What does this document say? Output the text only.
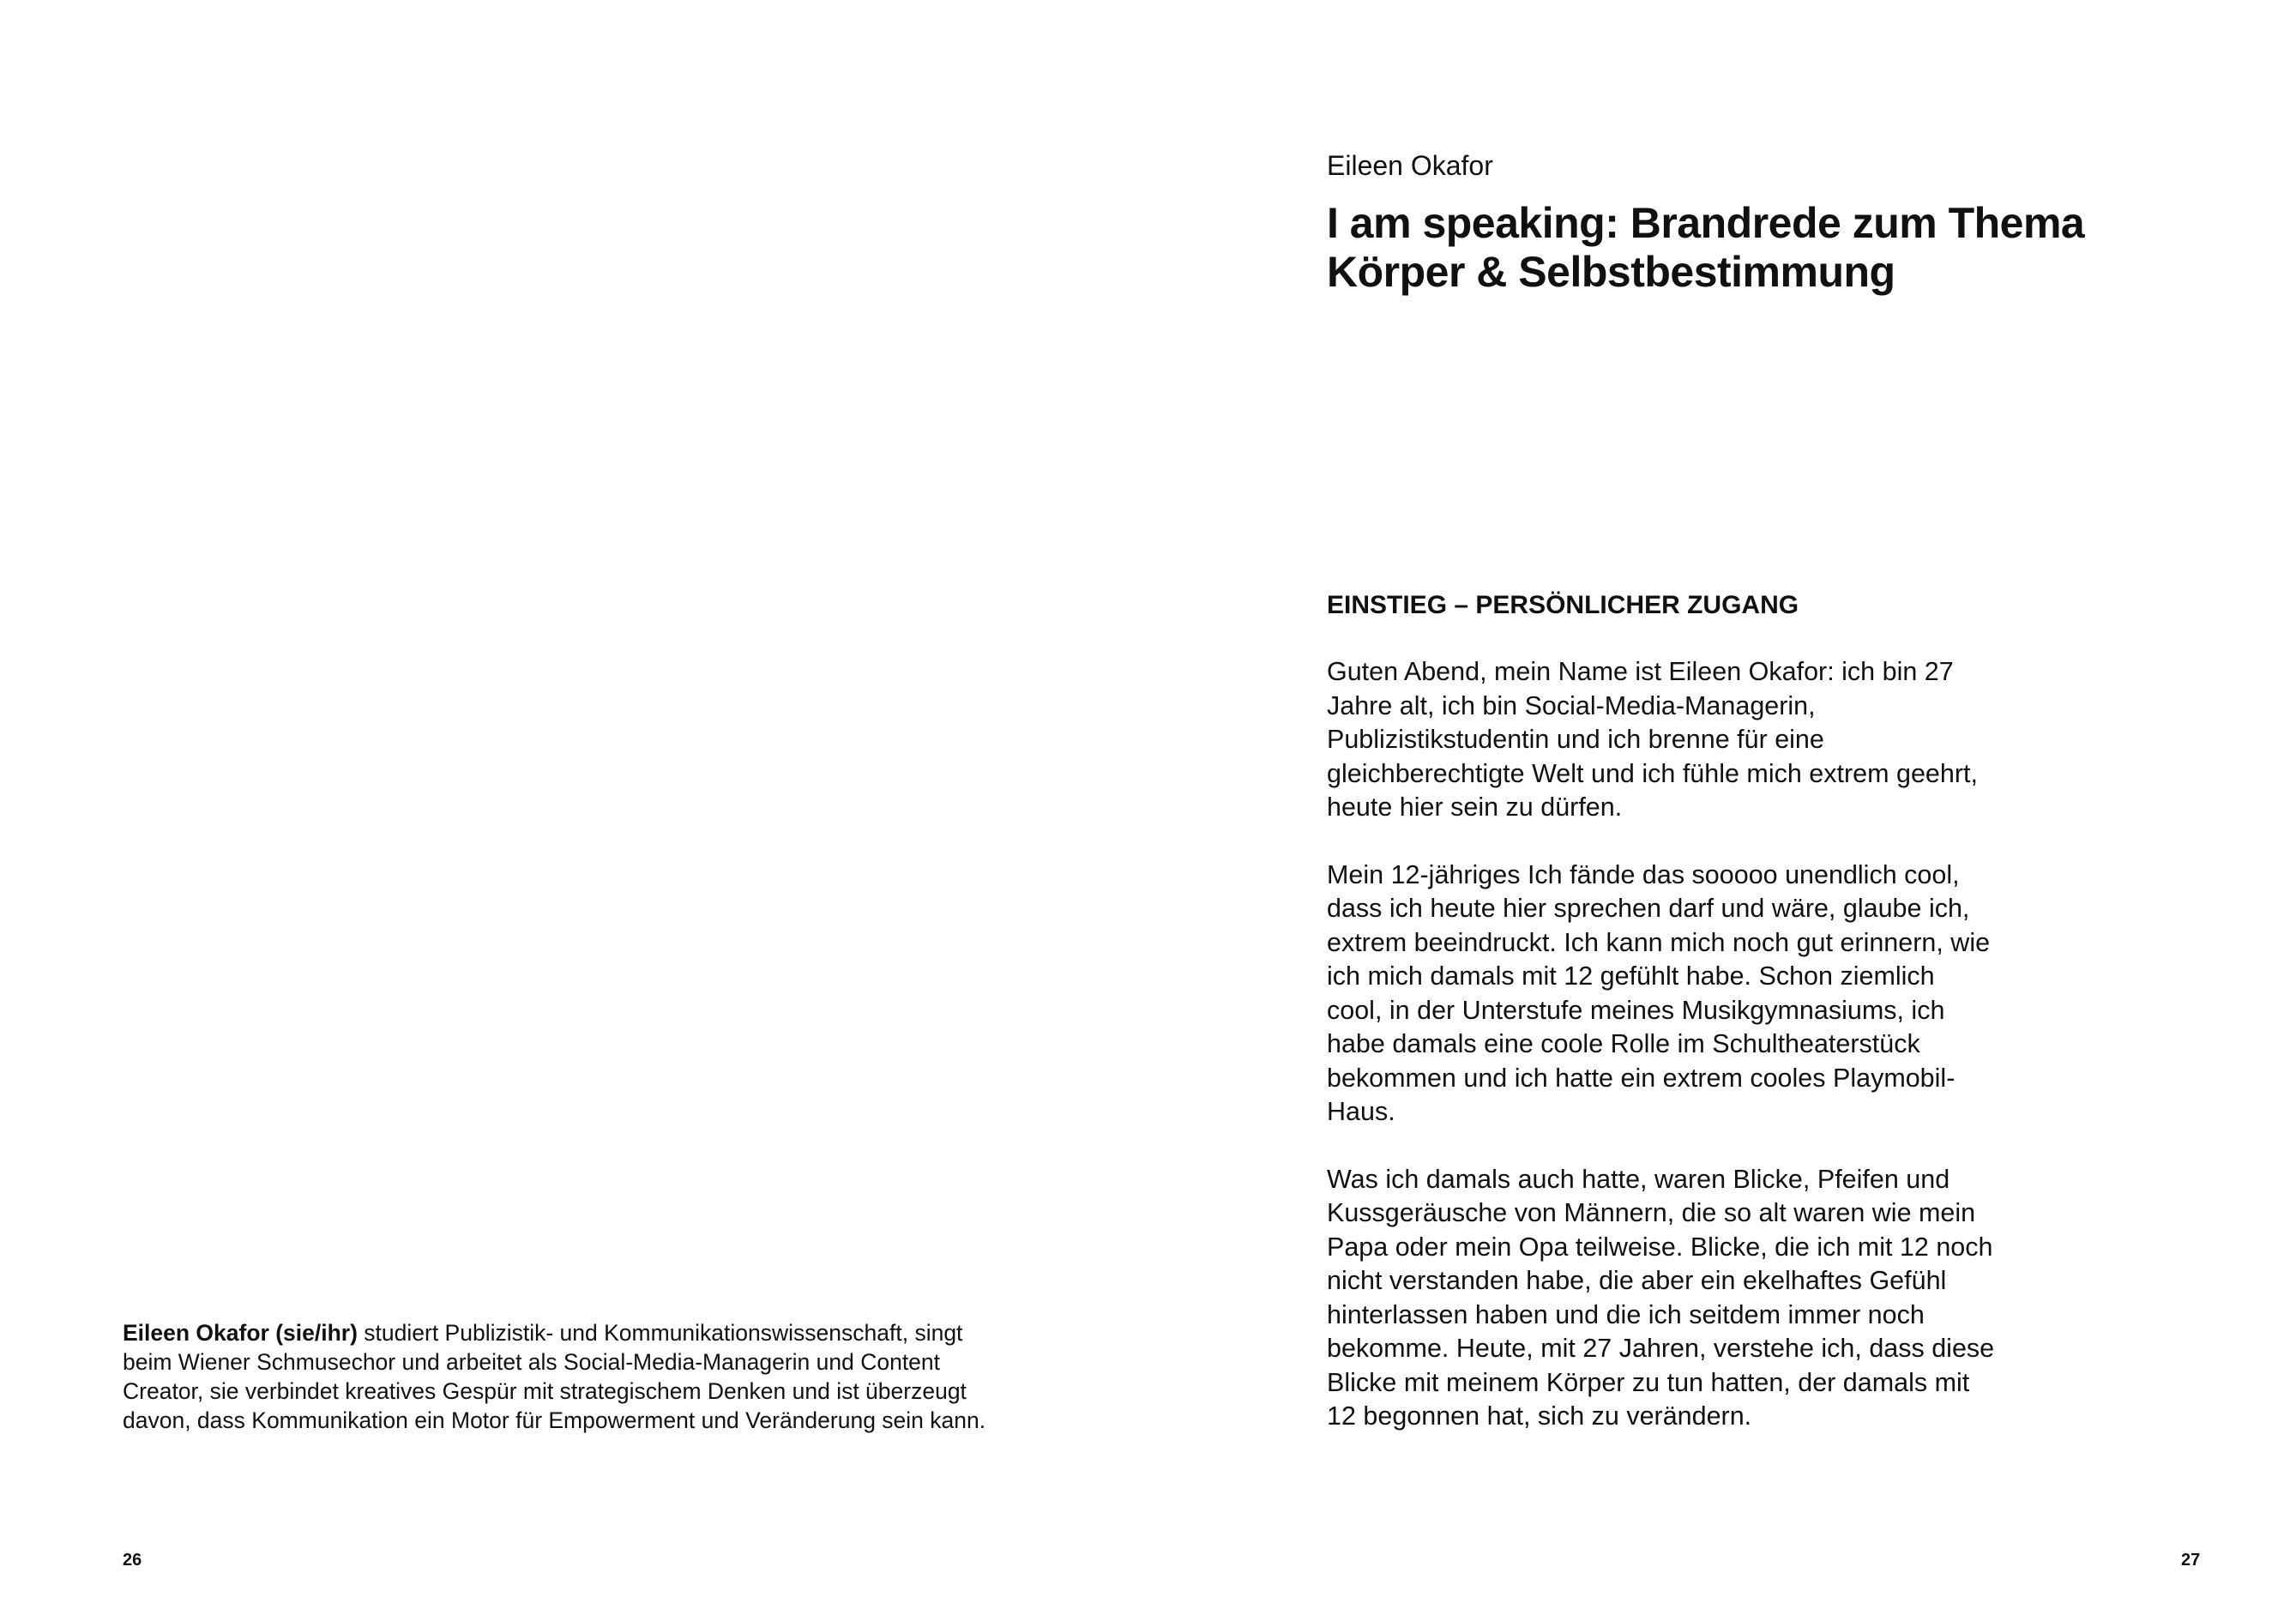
Eileen Okafor (sie/ihr) studiert Publizistik- und Kommunikationswissenschaft, singt beim Wiener Schmusechor und arbeitet als Social-Media-Managerin und Content Creator, sie verbindet kreatives Gespür mit strategischem Denken und ist überzeugt davon, dass Kommunikation ein Motor für Empowerment und Veränderung sein kann.

26

Eileen Okafor

I am speaking: Brandrede zum Thema Körper & Selbstbestimmung
EINSTIEG – PERSÖNLICHER ZUGANG

Guten Abend, mein Name ist Eileen Okafor: ich bin 27 Jahre alt, ich bin Social-Media-Managerin, Publizistikstudentin und ich brenne für eine gleichberechtigte Welt und ich fühle mich extrem geehrt, heute hier sein zu dürfen.

Mein 12-jähriges Ich fände das sooooo unendlich cool, dass ich heute hier sprechen darf und wäre, glaube ich, extrem beeindruckt. Ich kann mich noch gut erinnern, wie ich mich damals mit 12 gefühlt habe. Schon ziemlich cool, in der Unterstufe meines Musikgymnasiums, ich habe damals eine coole Rolle im Schultheaterstück bekommen und ich hatte ein extrem cooles Playmobil-Haus.

Was ich damals auch hatte, waren Blicke, Pfeifen und Kussgeräusche von Männern, die so alt waren wie mein Papa oder mein Opa teilweise. Blicke, die ich mit 12 noch nicht verstanden habe, die aber ein ekelhaftes Gefühl hinterlassen haben und die ich seitdem immer noch bekomme. Heute, mit 27 Jahren, verstehe ich, dass diese Blicke mit meinem Körper zu tun hatten, der damals mit 12 begonnen hat, sich zu verändern.

27
